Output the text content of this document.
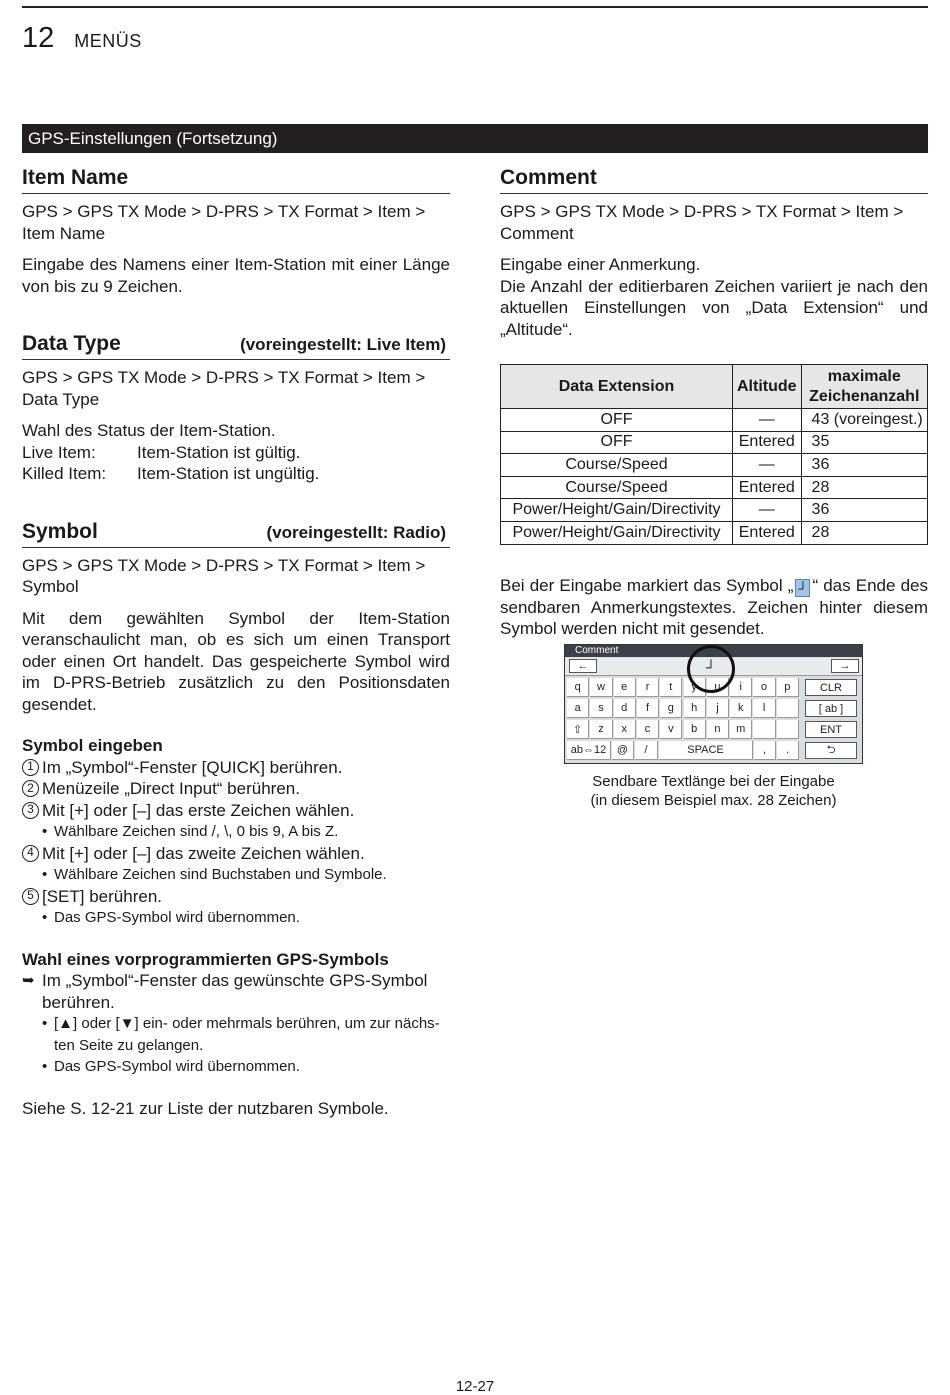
12 MENÜS
GPS-Einstellungen (Fortsetzung)
Item Name
GPS > GPS TX Mode > D-PRS > TX Format > Item >
Item Name
Eingabe des Namens einer Item-Station mit einer Länge von bis zu 9 Zeichen.
Data Type	(voreingestellt: Live Item)
GPS > GPS TX Mode > D-PRS > TX Format > Item >
Data Type
Wahl des Status der Item-Station.
Live Item:	Item-Station ist gültig.
Killed Item:	Item-Station ist ungültig.
Symbol	(voreingestellt: Radio)
GPS > GPS TX Mode > D-PRS > TX Format > Item >
Symbol
Mit dem gewählten Symbol der Item-Station veranschaulicht man, ob es sich um einen Transport oder einen Ort handelt. Das gespeicherte Symbol wird im D-PRS-Betrieb zusätzlich zu den Positionsdaten gesendet.
Symbol eingeben
1 Im „Symbol“-Fenster [QUICK] berühren.
2 Menüzeile „Direct Input“ berühren.
3 Mit [+] oder [–] das erste Zeichen wählen.
• Wählbare Zeichen sind /, \, 0 bis 9, A bis Z.
4 Mit [+] oder [–] das zweite Zeichen wählen.
• Wählbare Zeichen sind Buchstaben und Symbole.
5 [SET] berühren.
• Das GPS-Symbol wird übernommen.
Wahl eines vorprogrammierten GPS-Symbols
➥ Im „Symbol“-Fenster das gewünschte GPS-Symbol
berühren.
• [▲] oder [▼] ein- oder mehrmals berühren, um zur nächs-
ten Seite zu gelangen.
• Das GPS-Symbol wird übernommen.
Siehe S. 12-21 zur Liste der nutzbaren Symbole.
Comment
GPS > GPS TX Mode > D-PRS > TX Format > Item >
Comment
Eingabe einer Anmerkung.
Die Anzahl der editierbaren Zeichen variiert je nach den aktuellen Einstellungen von „Data Extension“ und „Altitude“.
Data Extension	Altitude	maximale Zeichenanzahl
OFF	—	43 (voreingest.)
OFF	Entered	35
Course/Speed	—	36
Course/Speed	Entered	28
Power/Height/Gain/Directivity	—	36
Power/Height/Gain/Directivity	Entered	28
Bei der Eingabe markiert das Symbol „ ┘ “ das Ende des sendbaren Anmerkungstextes. Zeichen hinter diesem Symbol werden nicht mit gesendet.
Comment
←	→
q	w	e	r	t	y	u	i	o	p
a	s	d	f	g	h	j	k	l
⇧	z	x	c	v	b	n	m
ab⇔12 @	/	SPACE	,	.
CLR
[ ab ]
ENT
⮌
┘
Sendbare Textlänge bei der Eingabe
(in diesem Beispiel max. 28 Zeichen)
12-27
